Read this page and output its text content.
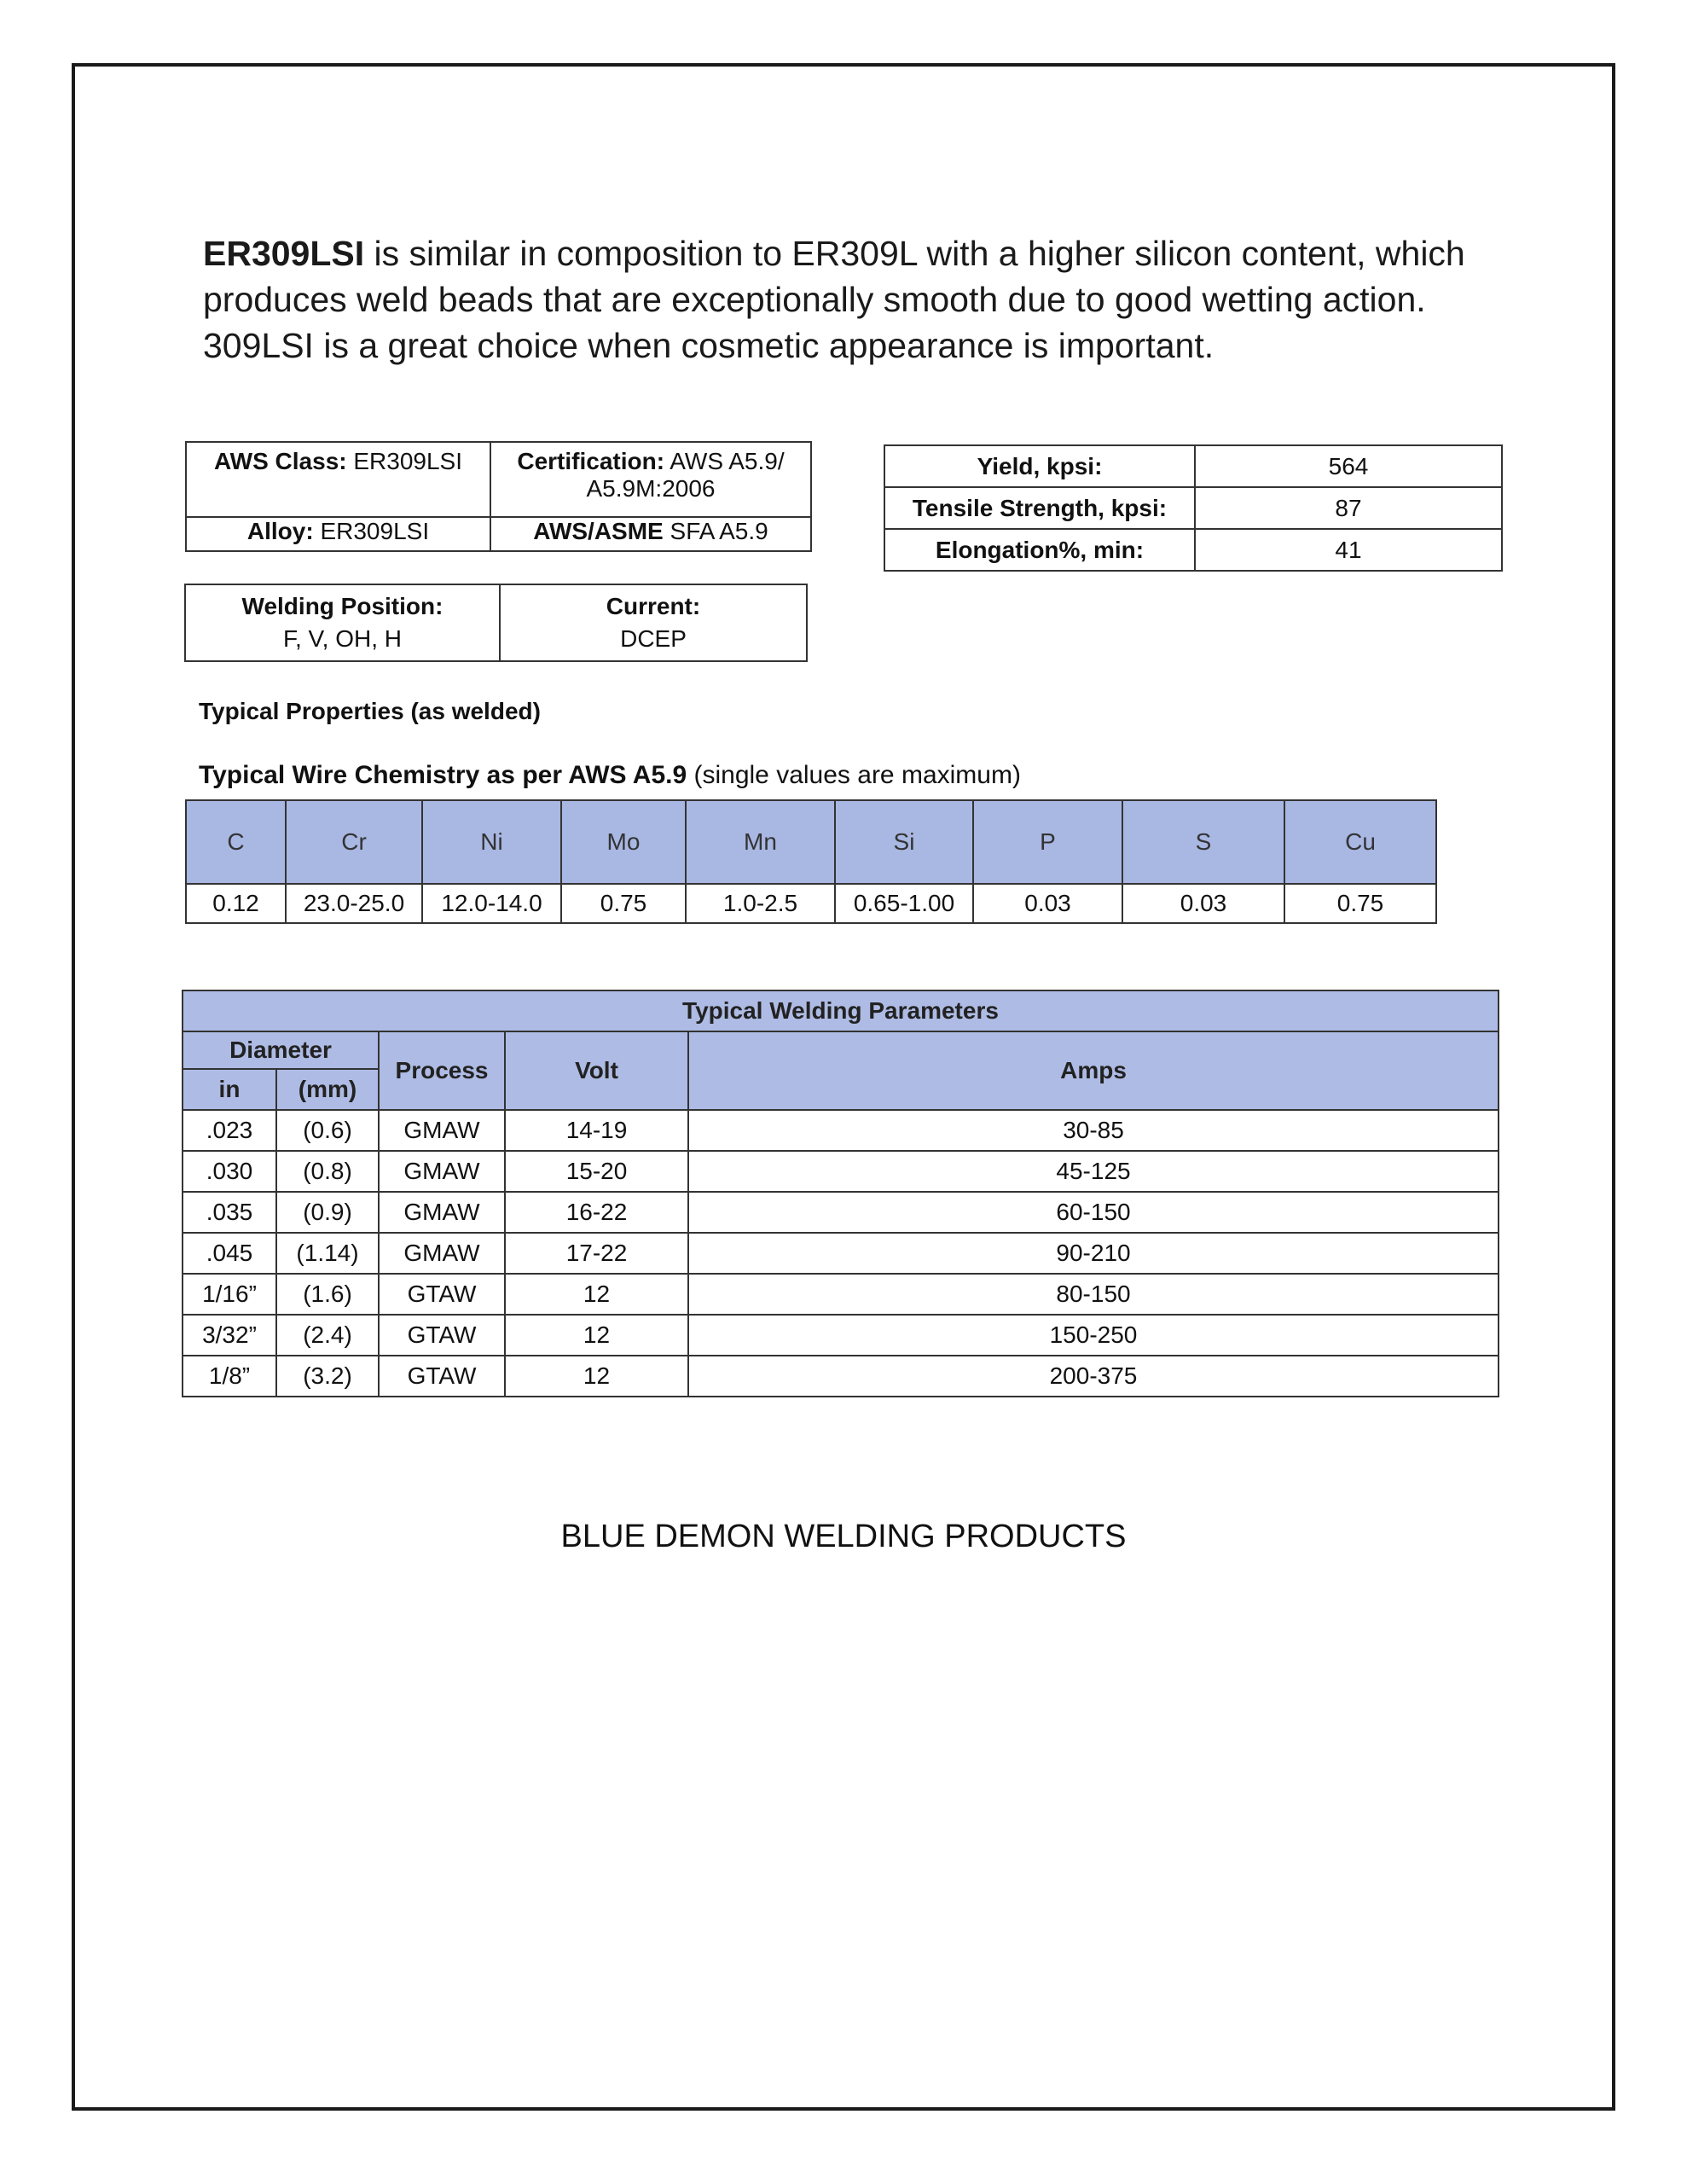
ER309LSI is similar in composition to ER309L with a higher silicon content, which produces weld beads that are exceptionally smooth due to good wetting action. 309LSI is a great choice when cosmetic appearance is important.
AWS Class: ER309LSI	Certification: AWS A5.9/
A5.9M:2006

Alloy: ER309LSI	AWS/ASME SFA A5.9
Yield, kpsi:	564
Tensile Strength, kpsi:	87
Elongation%, min:	41
Welding Position:
F, V, OH, H

Current:
DCEP
Typical Properties (as welded)
Typical Wire Chemistry as per AWS A5.9 (single values are maximum)
C	Cr	Ni	Mo	Mn	Si	P	S	Cu
0.12	23.0-25.0	12.0-14.0	0.75	1.0-2.5	0.65-1.00	0.03	0.03	0.75
Typical Welding Parameters				
Diameter		Process	Volt	Amps
in	(mm)			
.023	(0.6)	GMAW	14-19	30-85
.030	(0.8)	GMAW	15-20	45-125
.035	(0.9)	GMAW	16-22	60-150
.045	(1.14)	GMAW	17-22	90-210
1/16”	(1.6)	GTAW	12	80-150
3/32”	(2.4)	GTAW	12	150-250
1/8”	(3.2)	GTAW	12	200-375
BLUE DEMON WELDING PRODUCTS
